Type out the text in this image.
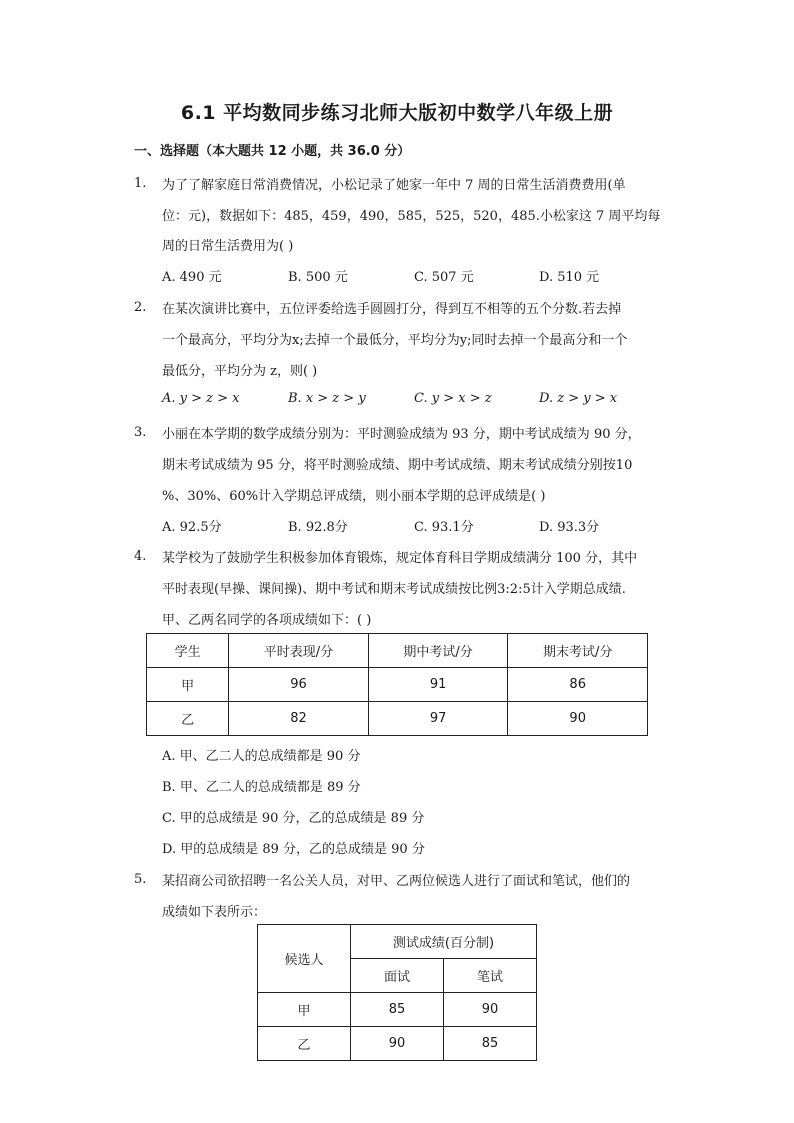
6.1 平均数同步练习北师大版初中数学八年级上册
一、选择题（本大题共 12 小题，共 36.0 分）
1. 为了了解家庭日常消费情况，小松记录了她家一年中 7 周的日常生活消费费用(单
位：元)，数据如下：485，459，490，585，525，520，485.小松家这 7 周平均每
周的日常生活费用为( )
A. 490 元	B. 500 元	C. 507 元	D. 510 元
2. 在某次演讲比赛中，五位评委给选手圆圆打分，得到互不相等的五个分数.若去掉
一个最高分，平均分为x;去掉一个最低分，平均分为y;同时去掉一个最高分和一个
最低分，平均分为 z，则( )
A. y > z > x	B. x > z > y	C. y > x > z	D. z > y > x
3. 小丽在本学期的数学成绩分别为：平时测验成绩为 93 分，期中考试成绩为 90 分，
期末考试成绩为 95 分，将平时测验成绩、期中考试成绩、期末考试成绩分别按10
%、30%、60%计入学期总评成绩，则小丽本学期的总评成绩是( )
A. 92.5分	B. 92.8分	C. 93.1分	D. 93.3分
4. 某学校为了鼓励学生积极参加体育锻炼，规定体育科目学期成绩满分 100 分，其中
平时表现(早操、课间操)、期中考试和期末考试成绩按比例3:2:5计入学期总成绩.
甲、乙两名同学的各项成绩如下：( )
学生	平时表现/分	期中考试/分	期末考试/分
甲	96	91	86
乙	82	97	90
A. 甲、乙二人的总成绩都是 90 分
B. 甲、乙二人的总成绩都是 89 分
C. 甲的总成绩是 90 分，乙的总成绩是 89 分
D. 甲的总成绩是 89 分，乙的总成绩是 90 分
5. 某招商公司欲招聘一名公关人员，对甲、乙两位候选人进行了面试和笔试，他们的
成绩如下表所示：
候选人	测试成绩(百分制)	
	面试	笔试
甲	85	90
乙	90	85
